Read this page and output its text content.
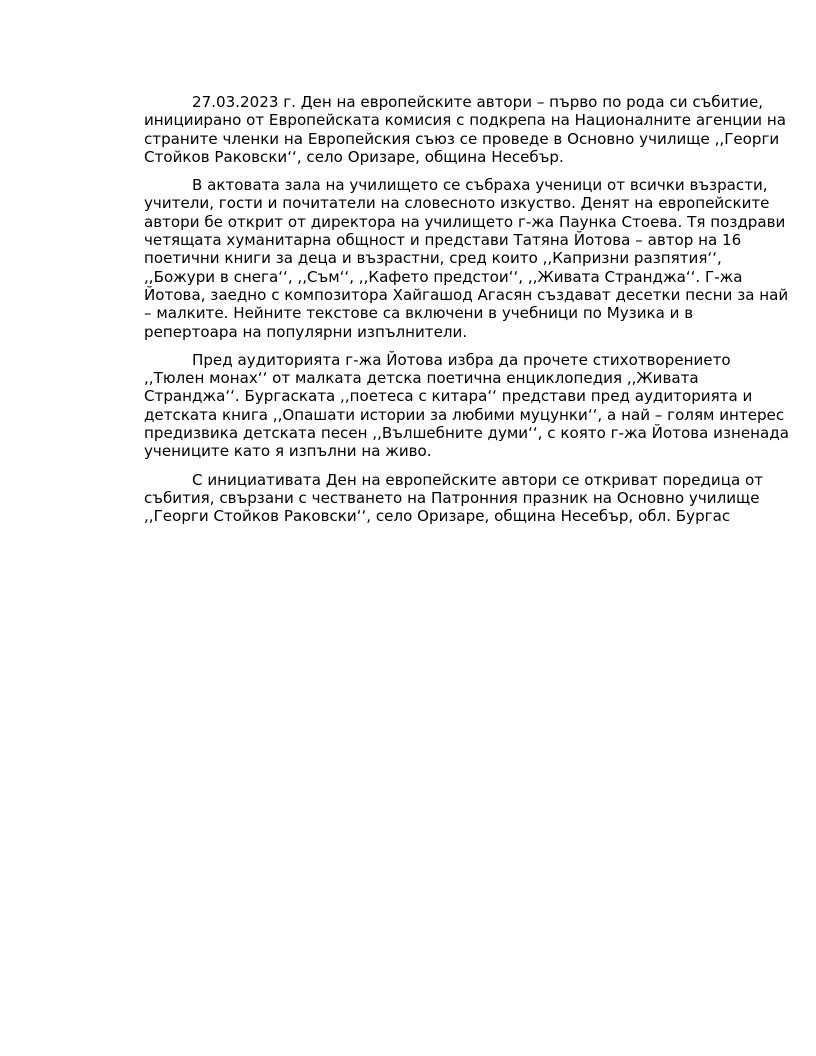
27.03.2023 г. Ден на европейските автори – първо по рода си събитие,
инициирано от Европейската комисия с подкрепа на Националните агенции на
страните членки на Европейския съюз се проведе в Основно училище ,,Георги
Стойков Раковски‘‘, село Оризаре, община Несебър.
В актовата зала на училището се събраха ученици от всички възрасти,
учители, гости и почитатели на словесното изкуство. Денят на европейските
автори бе открит от директора на училището г-жа Паунка Стоева. Тя поздрави
четящата хуманитарна общност и представи Татяна Йотова – автор на 16
поетични книги за деца и възрастни, сред които ,,Капризни разпятия‘‘,
,,Божури в снега‘‘, ,,Съм‘‘, ,,Кафето предстои‘‘, ,,Живата Странджа‘‘. Г-жа
Йотова, заедно с композитора Хайгашод Агасян създават десетки песни за най
– малките. Нейните текстове са включени в учебници по Музика и в
репертоара на популярни изпълнители.
Пред аудиторията г-жа Йотова избра да прочете стихотворението
,,Тюлен монах‘‘ от малката детска поетична енциклопедия ,,Живата
Странджа‘‘. Бургаската ,,поетеса с китара‘‘ представи пред аудиторията и
детската книга ,,Опашати истории за любими муцунки‘‘, а най – голям интерес
предизвика детската песен ,,Вълшебните думи‘‘, с която г-жа Йотова изненада
учениците като я изпълни на живо.
С инициативата Ден на европейските автори се откриват поредица от
събития, свързани с честването на Патронния празник на Основно училище
,,Георги Стойков Раковски‘‘, село Оризаре, община Несебър, обл. Бургас
